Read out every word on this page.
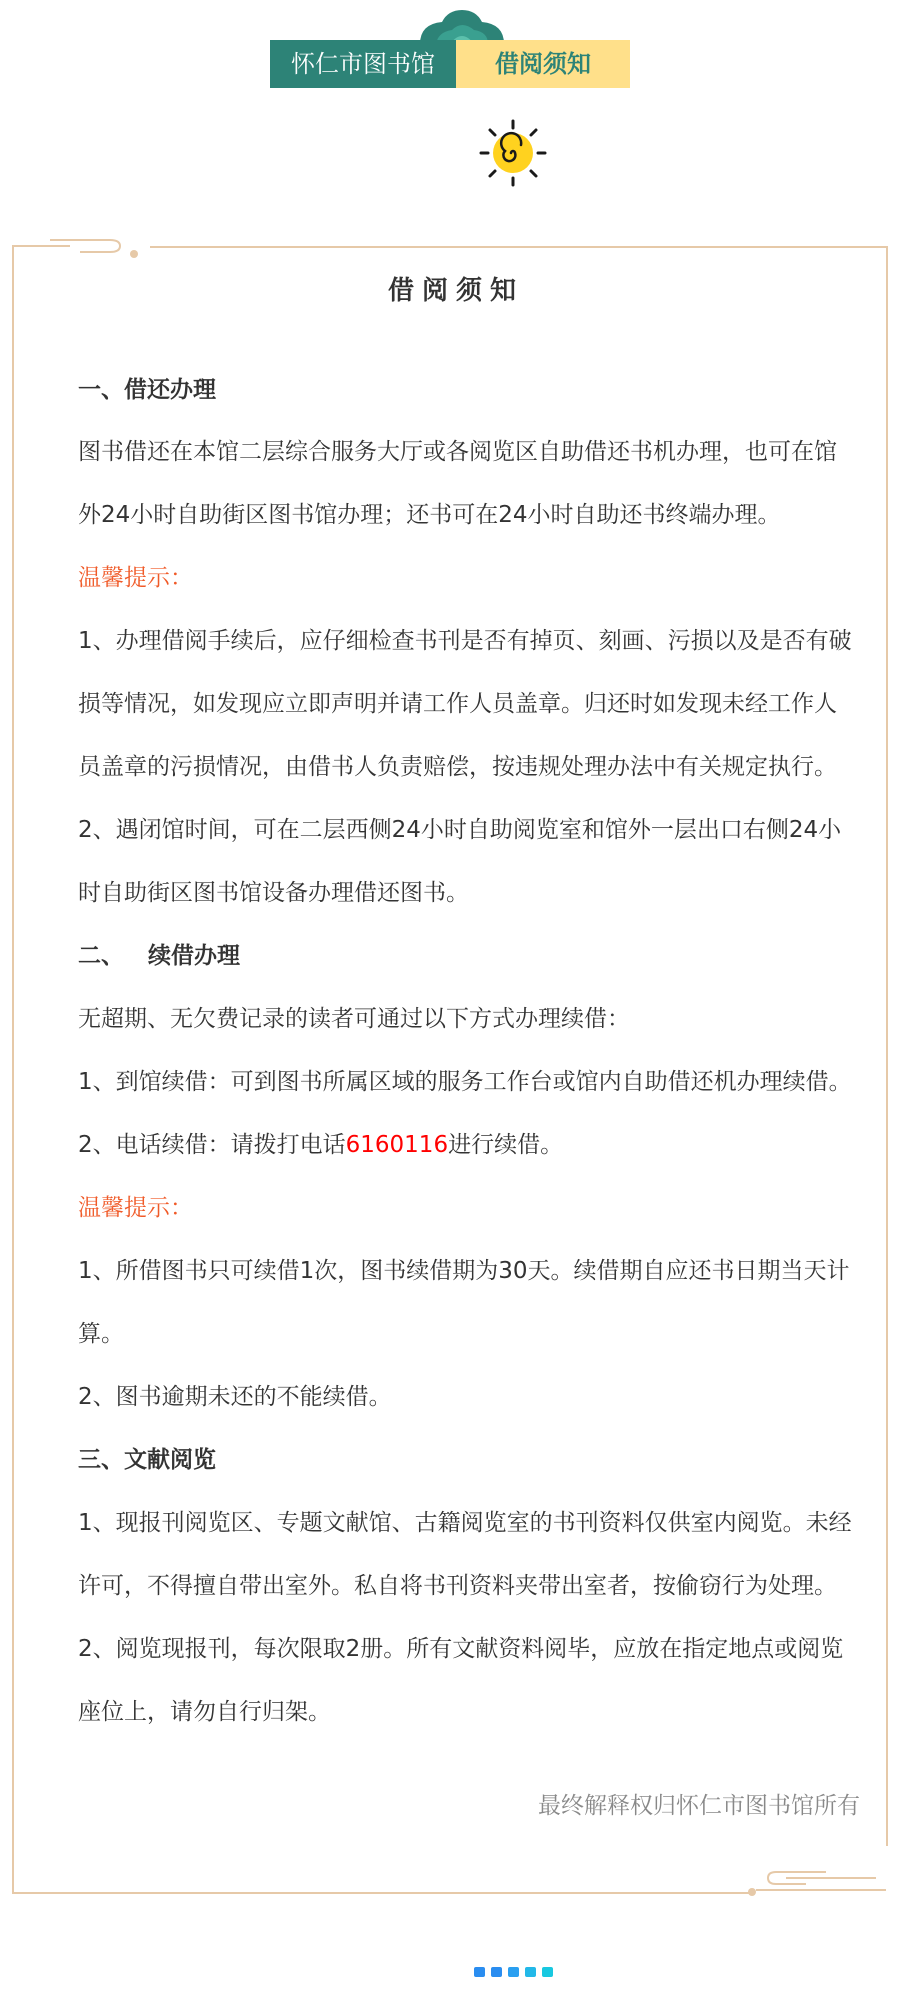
怀仁市图书馆	借阅须知
借阅须知
一、借还办理
图书借还在本馆二层综合服务大厅或各阅览区自助借还书机办理，也可在馆
外24小时自助街区图书馆办理；还书可在24小时自助还书终端办理。
温馨提示：
1、办理借阅手续后，应仔细检查书刊是否有掉页、刻画、污损以及是否有破
损等情况，如发现应立即声明并请工作人员盖章。归还时如发现未经工作人
员盖章的污损情况，由借书人负责赔偿，按违规处理办法中有关规定执行。
2、遇闭馆时间，可在二层西侧24小时自助阅览室和馆外一层出口右侧24小
时自助街区图书馆设备办理借还图书。
二、   续借办理
无超期、无欠费记录的读者可通过以下方式办理续借：
1、到馆续借：可到图书所属区域的服务工作台或馆内自助借还机办理续借。
2、电话续借：请拨打电话6160116进行续借。
温馨提示：
1、所借图书只可续借1次，图书续借期为30天。续借期自应还书日期当天计
算。
2、图书逾期未还的不能续借。
三、文献阅览
1、现报刊阅览区、专题文献馆、古籍阅览室的书刊资料仅供室内阅览。未经
许可，不得擅自带出室外。私自将书刊资料夹带出室者，按偷窃行为处理。
2、阅览现报刊，每次限取2册。所有文献资料阅毕，应放在指定地点或阅览
座位上，请勿自行归架。
最终解释权归怀仁市图书馆所有
